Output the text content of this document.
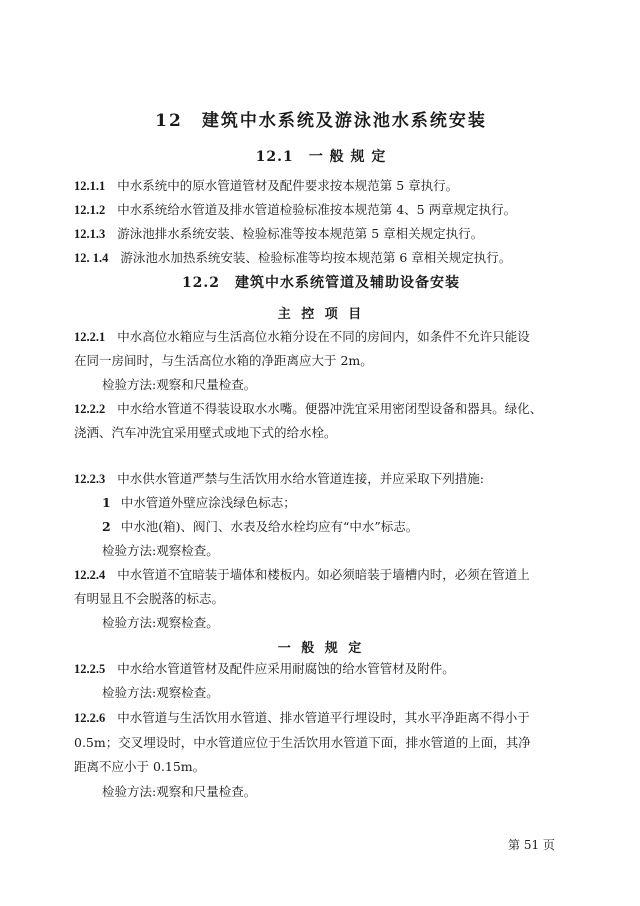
12　建筑中水系统及游泳池水系统安装
12.1　一 般 规 定
12.1.1 中水系统中的原水管道管材及配件要求按本规范第 5 章执行。
12.1.2 中水系统给水管道及排水管道检验标准按本规范第 4、5 两章规定执行。
12.1.3 游泳池排水系统安装、检验标准等按本规范第 5 章相关规定执行。
12. 1.4 游泳池水加热系统安装、检验标准等均按本规范第 6 章相关规定执行。
12.2　建筑中水系统管道及辅助设备安装
主 控 项 目
12.2.1 中水高位水箱应与生活高位水箱分设在不同的房间内，如条件不允许只能设
在同一房间时，与生活高位水箱的净距离应大于 2m。
检验方法:观察和尺量检查。
12.2.2 中水给水管道不得装设取水水嘴。便器冲洗宜采用密闭型设备和器具。绿化、
浇洒、汽车冲洗宜采用壁式或地下式的给水栓。
12.2.3 中水供水管道严禁与生活饮用水给水管道连接，并应采取下列措施:
1 中水管道外壁应涂浅绿色标志；
2 中水池(箱)、阀门、水表及给水栓均应有“中水”标志。
检验方法:观察检查。
12.2.4 中水管道不宜暗装于墙体和楼板内。如必须暗装于墙槽内时，必须在管道上
有明显且不会脱落的标志。
检验方法:观察检查。
一 般 规 定
12.2.5 中水给水管道管材及配件应采用耐腐蚀的给水管管材及附件。
检验方法:观察检查。
12.2.6 中水管道与生活饮用水管道、排水管道平行埋设时，其水平净距离不得小于
0.5m；交叉埋设时，中水管道应位于生活饮用水管道下面，排水管道的上面，其净
距离不应小于 0.15m。
检验方法:观察和尺量检查。
第 51 页
